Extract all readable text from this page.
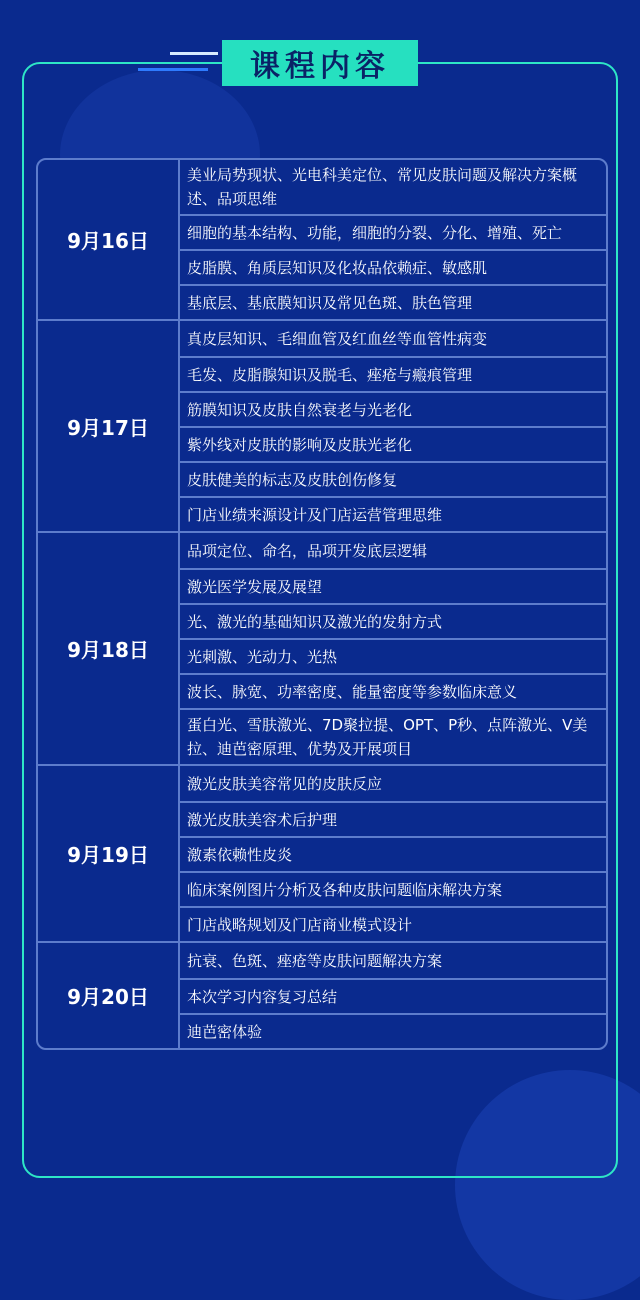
课程内容
9月16日
美业局势现状、光电科美定位、常见皮肤问题及解决方案概述、品项思维
细胞的基本结构、功能，细胞的分裂、分化、增殖、死亡
皮脂膜、角质层知识及化妆品依赖症、敏感肌
基底层、基底膜知识及常见色斑、肤色管理
9月17日
真皮层知识、毛细血管及红血丝等血管性病变
毛发、皮脂腺知识及脱毛、痤疮与瘢痕管理
筋膜知识及皮肤自然衰老与光老化
紫外线对皮肤的影响及皮肤光老化
皮肤健美的标志及皮肤创伤修复
门店业绩来源设计及门店运营管理思维
9月18日
品项定位、命名，品项开发底层逻辑
激光医学发展及展望
光、激光的基础知识及激光的发射方式
光刺激、光动力、光热
波长、脉宽、功率密度、能量密度等参数临床意义
蛋白光、雪肤激光、7D聚拉提、OPT、P秒、点阵激光、V美拉、迪芭密原理、优势及开展项目
9月19日
激光皮肤美容常见的皮肤反应
激光皮肤美容术后护理
激素依赖性皮炎
临床案例图片分析及各种皮肤问题临床解决方案
门店战略规划及门店商业模式设计
9月20日
抗衰、色斑、痤疮等皮肤问题解决方案
本次学习内容复习总结
迪芭密体验
